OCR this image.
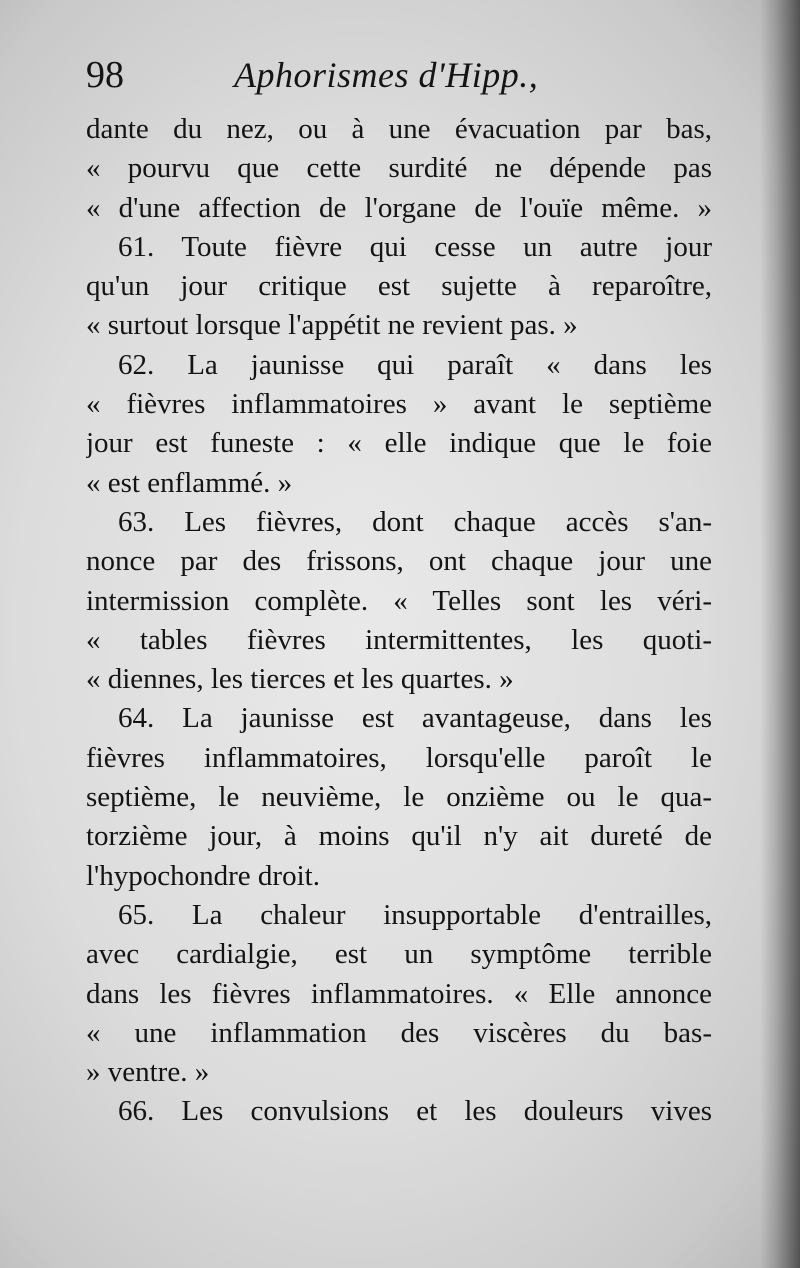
98	Aphorismes d'Hipp.,
dante du nez, ou à une évacuation par bas,
« pourvu que cette surdité ne dépende pas
« d'une affection de l'organe de l'ouïe même. »
61. Toute fièvre qui cesse un autre jour
qu'un jour critique est sujette à reparoître,
« surtout lorsque l'appétit ne revient pas. »
62. La jaunisse qui paraît « dans les
« fièvres inflammatoires » avant le septième
jour est funeste : « elle indique que le foie
« est enflammé. »
63. Les fièvres, dont chaque accès s'an-
nonce par des frissons, ont chaque jour une
intermission complète. « Telles sont les véri-
« tables fièvres intermittentes, les quoti-
« diennes, les tierces et les quartes. »
64. La jaunisse est avantageuse, dans les
fièvres inflammatoires, lorsqu'elle paroît le
septième, le neuvième, le onzième ou le qua-
torzième jour, à moins qu'il n'y ait dureté de
l'hypochondre droit.
65. La chaleur insupportable d'entrailles,
avec cardialgie, est un symptôme terrible
dans les fièvres inflammatoires. « Elle annonce
« une inflammation des viscères du bas-
» ventre. »
66. Les convulsions et les douleurs vives
